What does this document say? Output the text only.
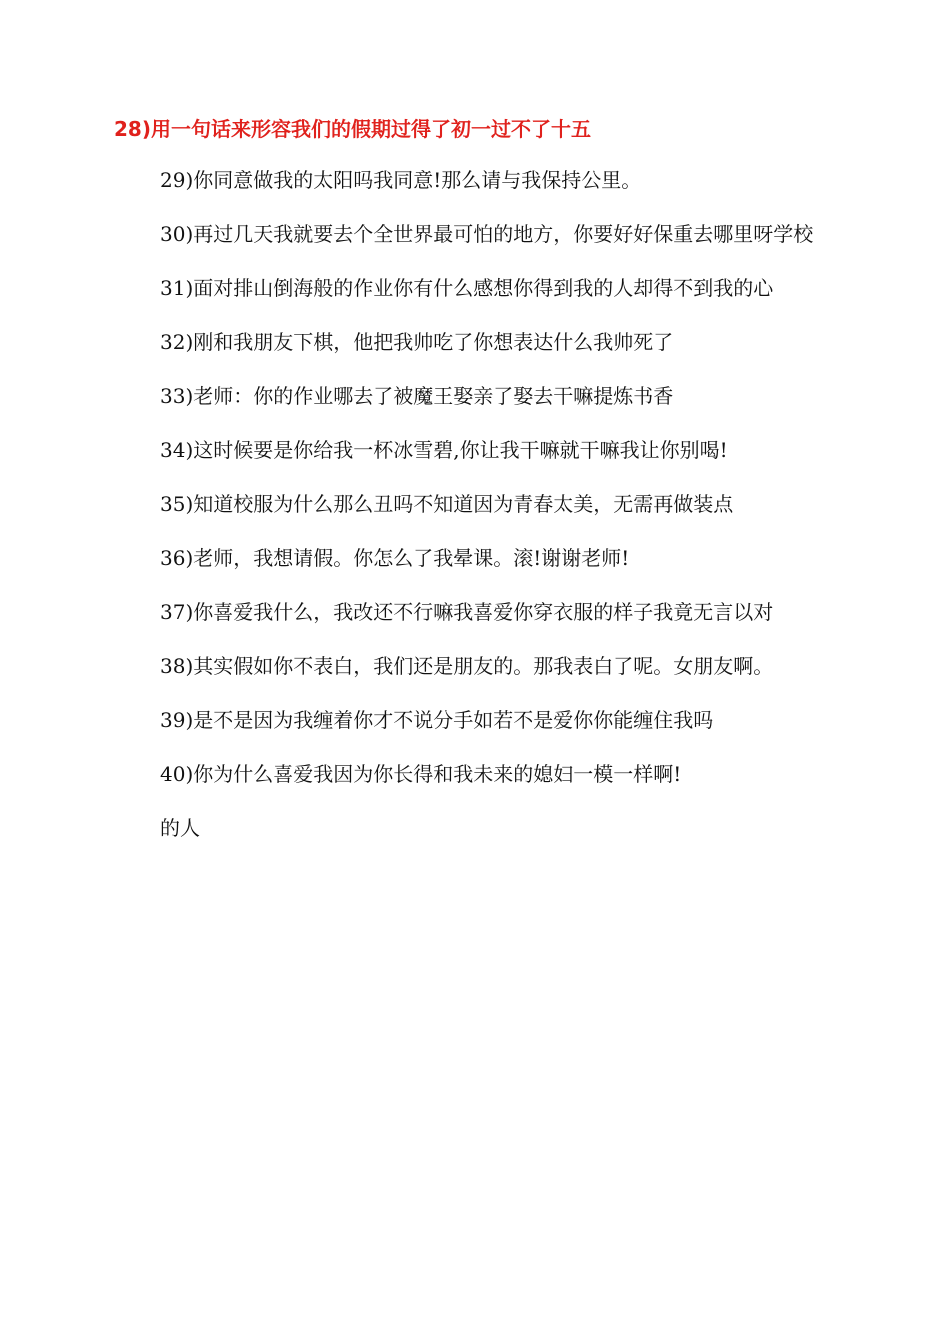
28)用一句话来形容我们的假期过得了初一过不了十五

29)你同意做我的太阳吗我同意!那么请与我保持公里。

30)再过几天我就要去个全世界最可怕的地方，你要好好保重去哪里呀学校

31)面对排山倒海般的作业你有什么感想你得到我的人却得不到我的心

32)刚和我朋友下棋，他把我帅吃了你想表达什么我帅死了

33)老师：你的作业哪去了被魔王娶亲了娶去干嘛提炼书香

34)这时候要是你给我一杯冰雪碧,你让我干嘛就干嘛我让你别喝!

35)知道校服为什么那么丑吗不知道因为青春太美，无需再做装点

36)老师，我想请假。你怎么了我晕课。滚!谢谢老师!

37)你喜爱我什么，我改还不行嘛我喜爱你穿衣服的样子我竟无言以对

38)其实假如你不表白，我们还是朋友的。那我表白了呢。女朋友啊。

39)是不是因为我缠着你才不说分手如若不是爱你你能缠住我吗

40)你为什么喜爱我因为你长得和我未来的媳妇一模一样啊!

的人
